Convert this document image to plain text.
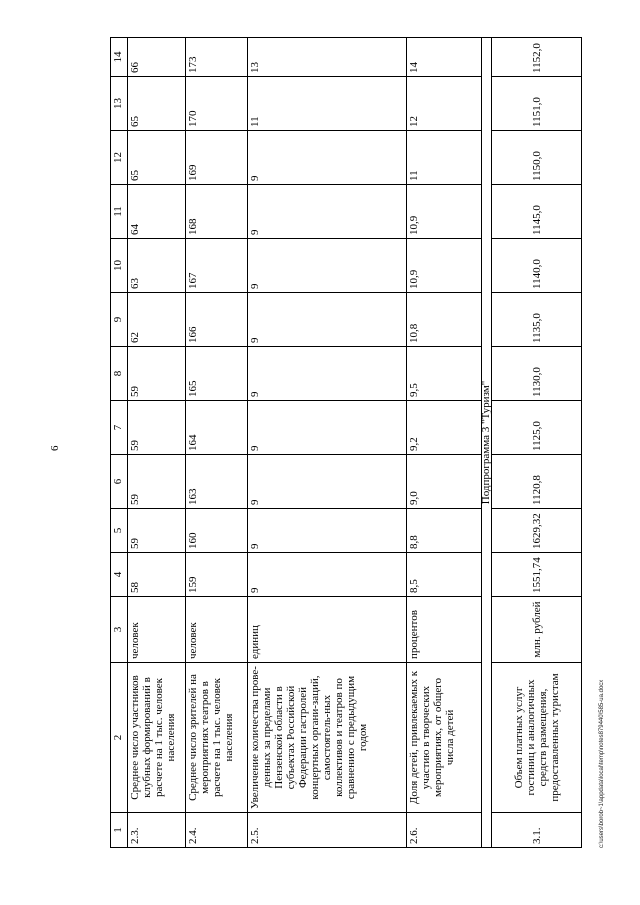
6
1	2	3	4	5	6	7	8	9	10	11	12	13	14
2.3.	Среднее число участников клубных формирований в расчете на 1 тыс. человек населения	человек	58	59	59	59	59	62	63	64	65	65	66
2.4.	Среднее число зрителей на мероприятиях театров в расчете на 1 тыс. человек населения	человек	159	160	163	164	165	166	167	168	169	170	173
2.5.	Увеличение количества прове-денных за пределами Пензенской области в субъектах Российской Федерации гастролей концертных органи-заций, самостоятель-ных коллективов и театров по сравнению с предыдущим годом	единиц	9	9	9	9	9	9	9	9	9	11	13
2.6.	Доля детей, привлекаемых к участию в творческих мероприятиях, от общего числа детей	процентов	8,5	8,8	9,0	9,2	9,5	10,8	10,9	10,9	11	12	14
Подпрограмма 3 "Туризм"													
3.1.	Объем платных услуг гостиниц и аналогичных средств размещения, предоставленных туристам	млн. рублей	1551,74	1629,32	1120,8	1125,0	1130,0	1135,0	1140,0	1145,0	1150,0	1151,0	1152,0
c:\users\borob~1\appdata\local\temp\notes879440\585-ua.docx
